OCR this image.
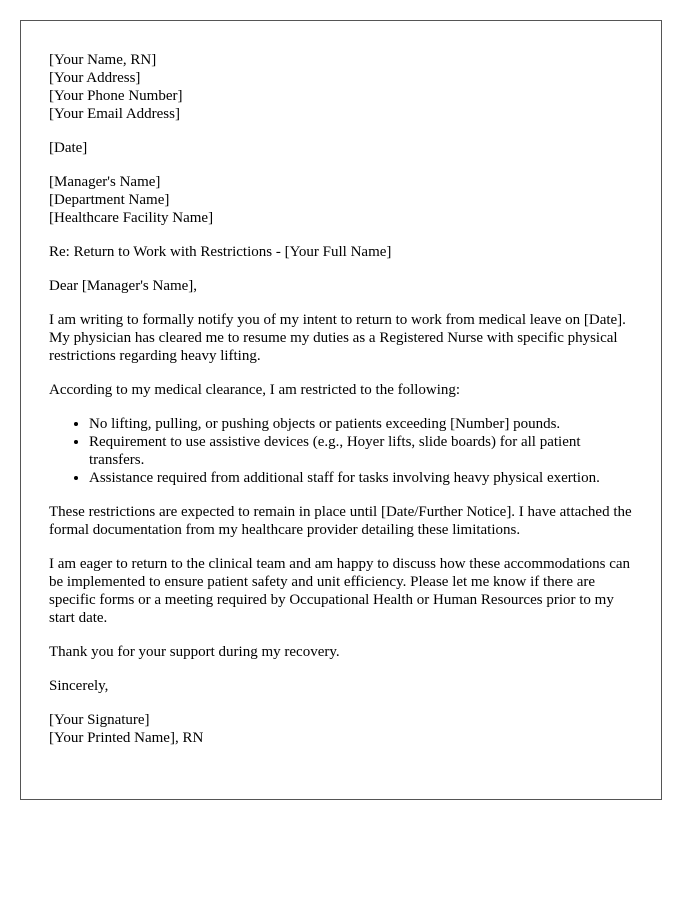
[Your Name, RN]
[Your Address]
[Your Phone Number]
[Your Email Address]

[Date]

[Manager's Name]
[Department Name]
[Healthcare Facility Name]

Re: Return to Work with Restrictions - [Your Full Name]

Dear [Manager's Name],

I am writing to formally notify you of my intent to return to work from medical leave on [Date]. My physician has cleared me to resume my duties as a Registered Nurse with specific physical restrictions regarding heavy lifting.

According to my medical clearance, I am restricted to the following:

• No lifting, pulling, or pushing objects or patients exceeding [Number] pounds.
• Requirement to use assistive devices (e.g., Hoyer lifts, slide boards) for all patient transfers.
• Assistance required from additional staff for tasks involving heavy physical exertion.

These restrictions are expected to remain in place until [Date/Further Notice]. I have attached the formal documentation from my healthcare provider detailing these limitations.

I am eager to return to the clinical team and am happy to discuss how these accommodations can be implemented to ensure patient safety and unit efficiency. Please let me know if there are specific forms or a meeting required by Occupational Health or Human Resources prior to my start date.

Thank you for your support during my recovery.

Sincerely,

[Your Signature]
[Your Printed Name], RN
